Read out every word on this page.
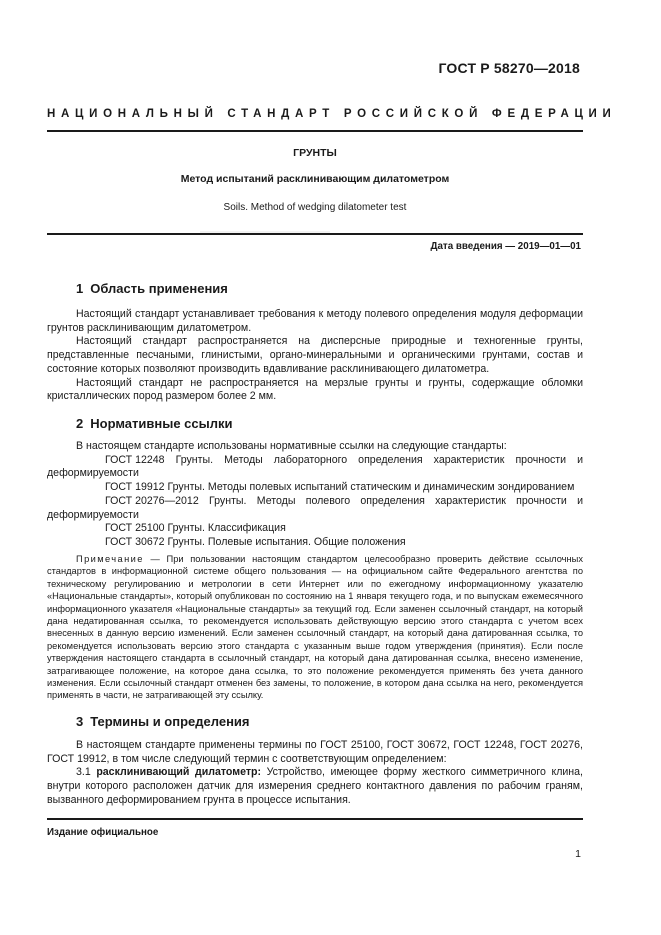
ГОСТ Р 58270—2018
НАЦИОНАЛЬНЫЙ СТАНДАРТ РОССИЙСКОЙ ФЕДЕРАЦИИ
ГРУНТЫ
Метод испытаний расклинивающим дилатометром
Soils. Method of wedging dilatometer test
Дата введения — 2019—01—01
1 Область применения

Настоящий стандарт устанавливает требования к методу полевого определения модуля деформации грунтов расклинивающим дилатометром.

Настоящий стандарт распространяется на дисперсные природные и техногенные грунты, представленные песчаными, глинистыми, органо-минеральными и органическими грунтами, состав и состояние которых позволяют производить вдавливание расклинивающего дилатометра.

Настоящий стандарт не распространяется на мерзлые грунты и грунты, содержащие обломки кристаллических пород размером более 2 мм.

2 Нормативные ссылки

В настоящем стандарте использованы нормативные ссылки на следующие стандарты:

ГОСТ 12248 Грунты. Методы лабораторного определения характеристик прочности и деформируемости

ГОСТ 19912 Грунты. Методы полевых испытаний статическим и динамическим зондированием

ГОСТ 20276—2012 Грунты. Методы полевого определения характеристик прочности и деформируемости

ГОСТ 25100 Грунты. Классификация

ГОСТ 30672 Грунты. Полевые испытания. Общие положения

Примечание — При пользовании настоящим стандартом целесообразно проверить действие ссылочных стандартов в информационной системе общего пользования — на официальном сайте Федерального агентства по техническому регулированию и метрологии в сети Интернет или по ежегодному информационному указателю «Национальные стандарты», который опубликован по состоянию на 1 января текущего года, и по выпускам ежемесячного информационного указателя «Национальные стандарты» за текущий год. Если заменен ссылочный стандарт, на который дана недатированная ссылка, то рекомендуется использовать действующую версию этого стандарта с учетом всех внесенных в данную версию изменений. Если заменен ссылочный стандарт, на который дана датированная ссылка, то рекомендуется использовать версию этого стандарта с указанным выше годом утверждения (принятия). Если после утверждения настоящего стандарта в ссылочный стандарт, на который дана датированная ссылка, внесено изменение, затрагивающее положение, на которое дана ссылка, то это положение рекомендуется применять без учета данного изменения. Если ссылочный стандарт отменен без замены, то положение, в котором дана ссылка на него, рекомендуется применять в части, не затрагивающей эту ссылку.

3 Термины и определения

В настоящем стандарте применены термины по ГОСТ 25100, ГОСТ 30672, ГОСТ 12248, ГОСТ 20276, ГОСТ 19912, в том числе следующий термин с соответствующим определением:

3.1 расклинивающий дилатометр: Устройство, имеющее форму жесткого симметричного клина, внутри которого расположен датчик для измерения среднего контактного давления по рабочим граням, вызванного деформированием грунта в процессе испытания.

Издание официальное
1
